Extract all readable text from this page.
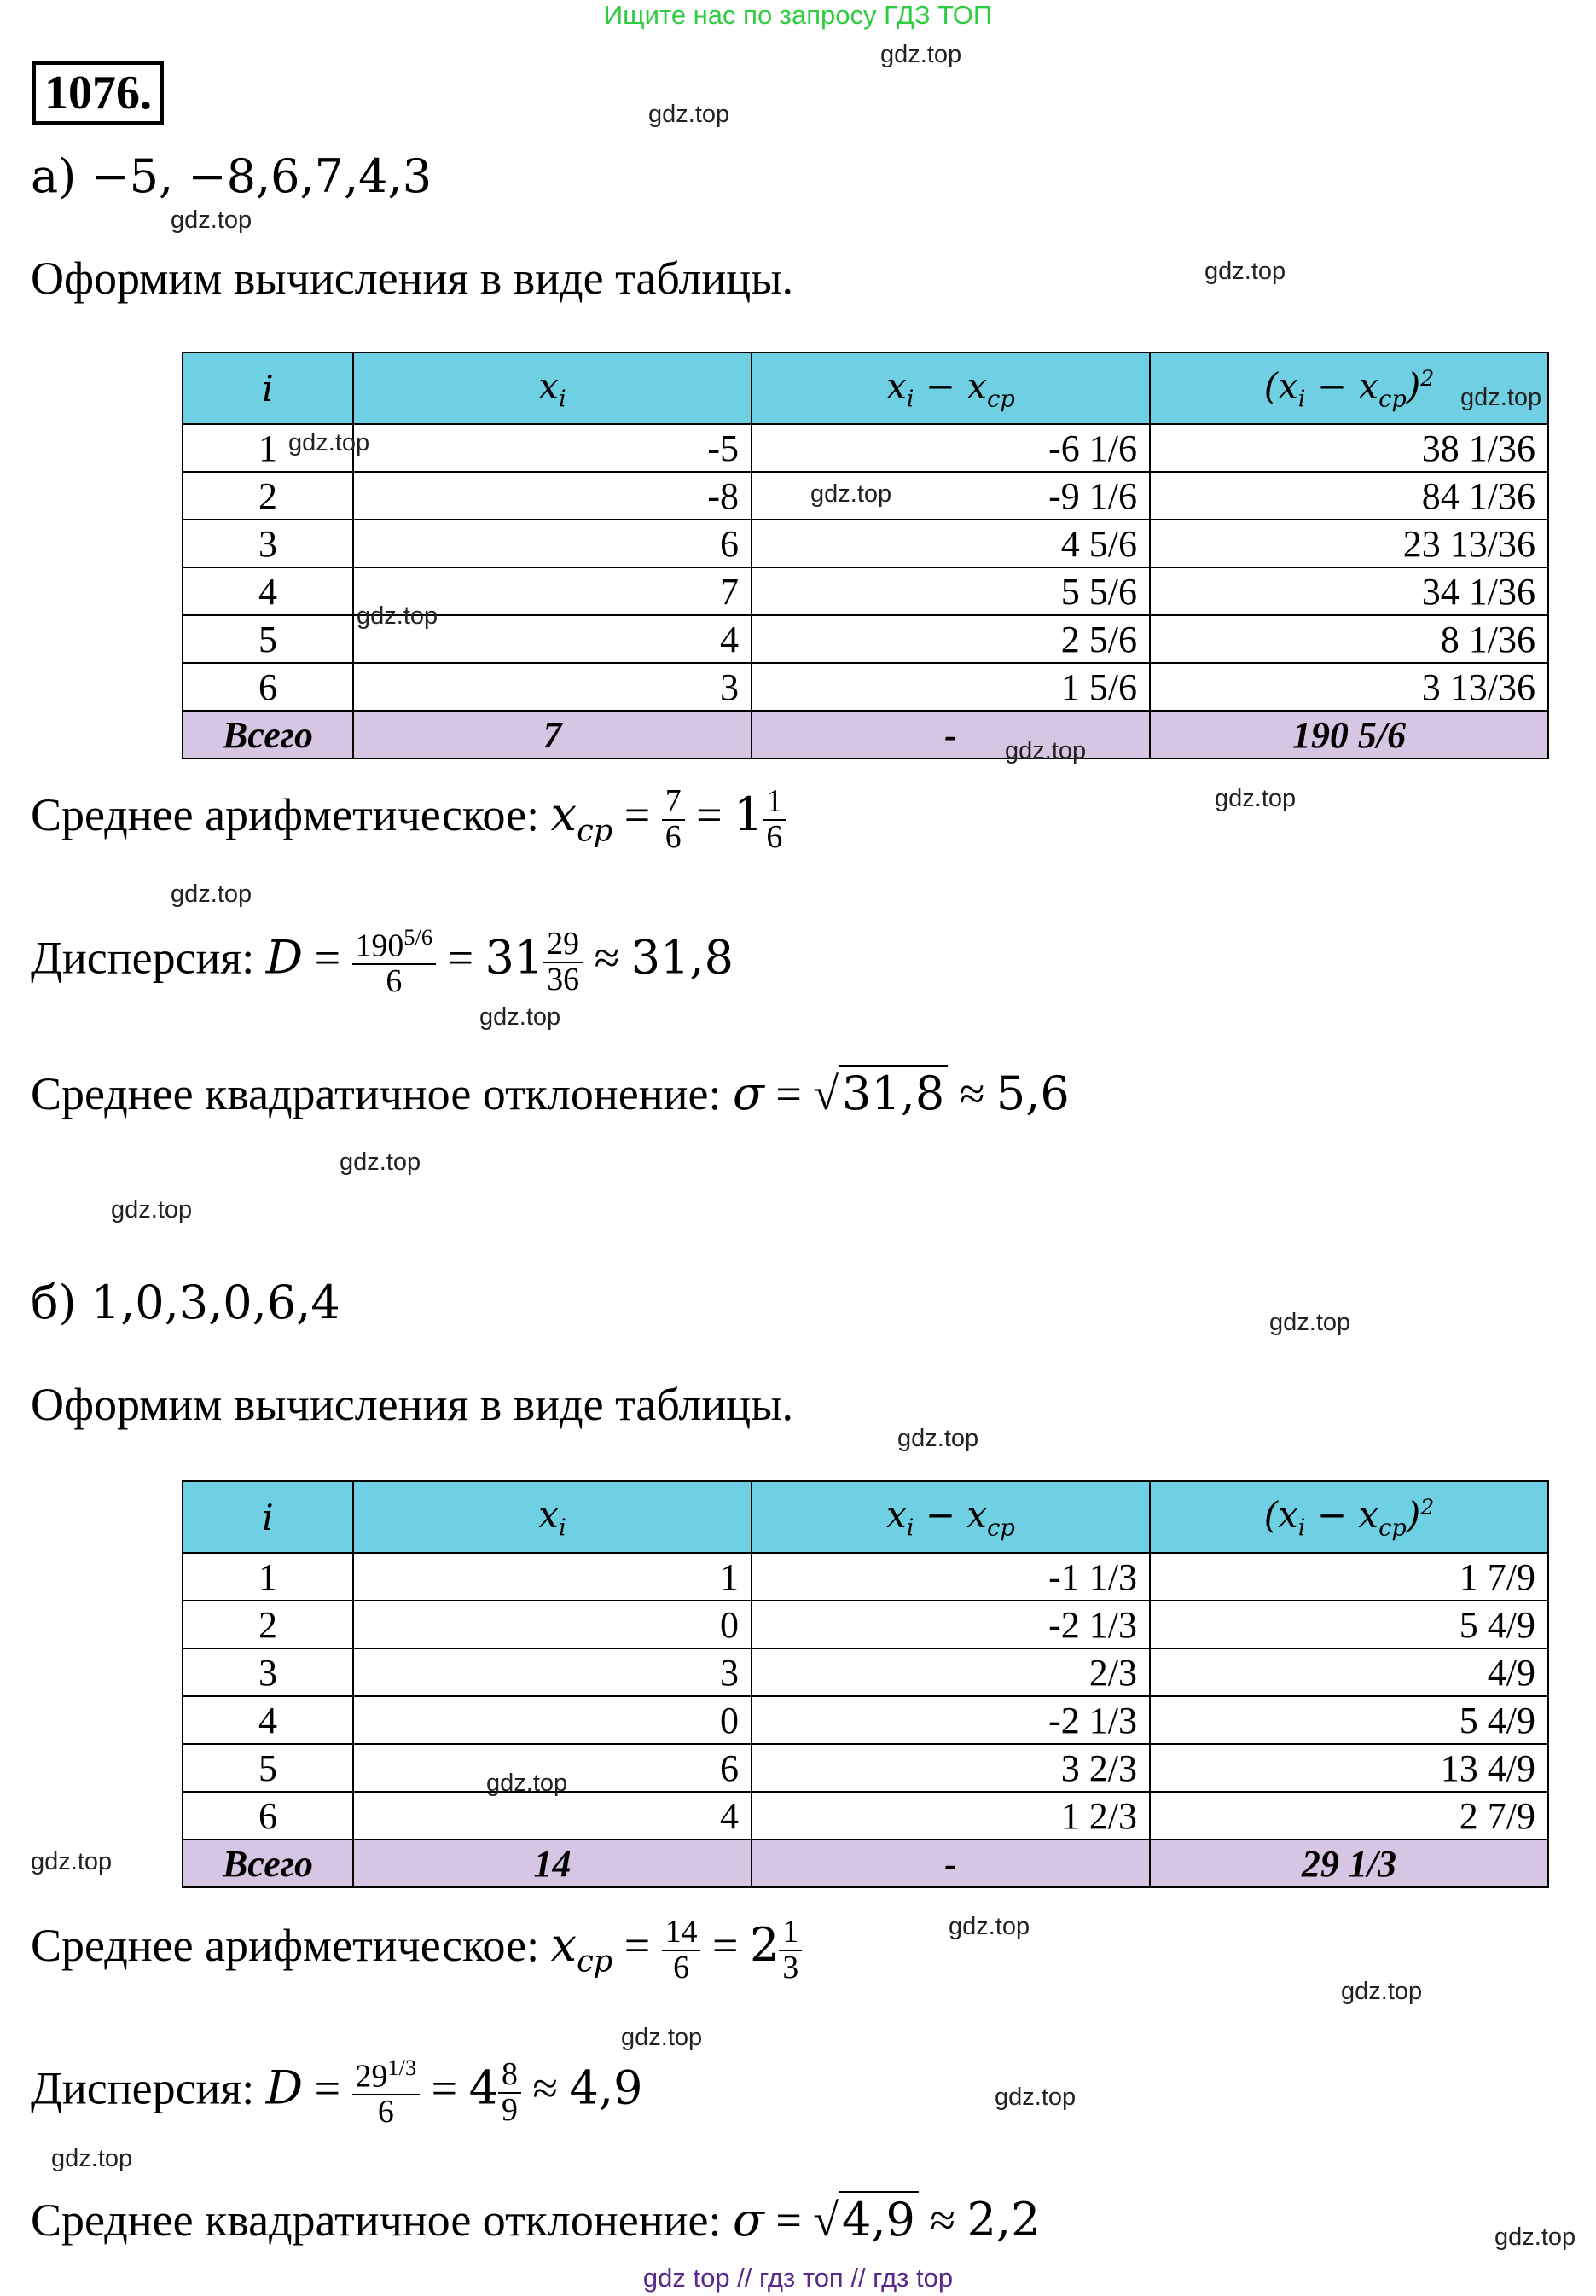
Ищите нас по запросу ГДЗ ТОП
1076.
а) −5, −8,6,7,4,3
Оформим вычисления в виде таблицы.
i	$x_i$	$x_i - x_{cp}$	$(x_i - x_{cp})^2$
1	-5	-6 1/6	38 1/36
2	-8	-9 1/6	84 1/36
3	6	4 5/6	23 13/36
4	7	5 5/6	34 1/36
5	4	2 5/6	8 1/36
6	3	1 5/6	3 13/36
Всего	7	-	190 5/6
Среднее арифметическое: $x_{cp} = \frac{7}{6} = 1 \frac{1}{6}$
Дисперсия: $D = \frac{190^{5/6}}{6} = 31 \frac{29}{36} \approx 31,8$
Среднее квадратичное отклонение: σ = √31,8 ≈ 5,6
б) 1,0,3,0,6,4
Оформим вычисления в виде таблицы.
i	$x_i$	$x_i - x_{cp}$	$(x_i - x_{cp})^2$
1	1	-1 1/3	1 7/9
2	0	-2 1/3	5 4/9
3	3	2/3	4/9
4	0	-2 1/3	5 4/9
5	6	3 2/3	13 4/9
6	4	1 2/3	2 7/9
Всего	14	-	29 1/3
Среднее арифметическое: $x_{cp} = \frac{14}{6} = 2 \frac{1}{3}$
Дисперсия: $D = \frac{29^{1/3}}{6} = 4 \frac{8}{9} \approx 4,9$
Среднее квадратичное отклонение: σ = √4,9 ≈ 2,2
gdz.top
gdz.top
gdz.top
gdz.top
gdz.top
gdz.top
gdz.top
gdz.top
gdz.top
gdz.top
gdz.top
gdz.top
gdz.top
gdz.top
gdz.top
gdz.top
gdz.top
gdz.top
gdz.top
gdz.top
gdz.top
gdz.top
gdz.top
gdz.top
gdz top // гдз топ // гдз top
